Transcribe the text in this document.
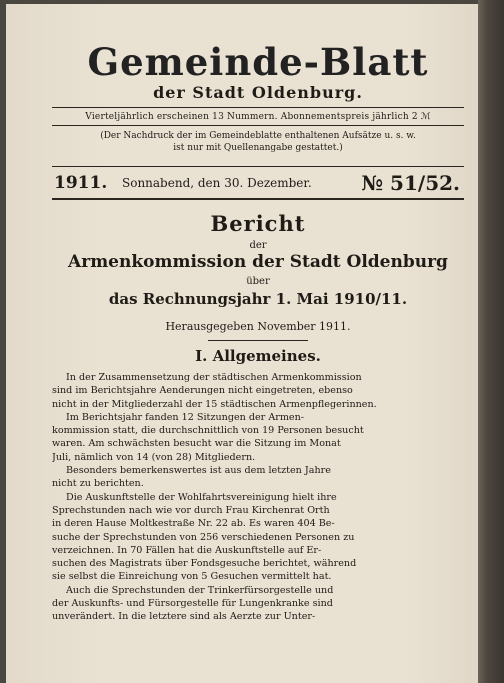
Gemeinde-Blatt
der Stadt Oldenburg.
Vierteljährlich erscheinen 13 Nummern. Abonnementspreis jährlich 2 ℳ
(Der Nachdruck der im Gemeindeblatte enthaltenen Aufsätze u. s. w.
ist nur mit Quellenangabe gestattet.)
1911. Sonnabend, den 30. Dezember. № 51/52.
Bericht
der
Armenkommission der Stadt Oldenburg
über
das Rechnungsjahr 1. Mai 1910/11.
Herausgegeben November 1911.
I. Allgemeines.
In der Zusammensetzung der städtischen Armenkommission
sind im Berichtsjahre Aenderungen nicht eingetreten, ebenso
nicht in der Mitgliederzahl der 15 städtischen Armenpflegerinnen.
Im Berichtsjahr fanden 12 Sitzungen der Armen-
kommission statt, die durchschnittlich von 19 Personen besucht
waren. Am schwächsten besucht war die Sitzung im Monat
Juli, nämlich von 14 (von 28) Mitgliedern.
Besonders bemerkenswertes ist aus dem letzten Jahre
nicht zu berichten.
Die Auskunftstelle der Wohlfahrtsvereinigung hielt ihre
Sprechstunden nach wie vor durch Frau Kirchenrat Orth
in deren Hause Moltkestraße Nr. 22 ab. Es waren 404 Be-
suche der Sprechstunden von 256 verschiedenen Personen zu
verzeichnen. In 70 Fällen hat die Auskunftstelle auf Er-
suchen des Magistrats über Fondsgesuche berichtet, während
sie selbst die Einreichung von 5 Gesuchen vermittelt hat.
Auch die Sprechstunden der Trinkerfürsorgestelle und
der Auskunfts- und Fürsorgestelle für Lungenkranke sind
unverändert. In die letztere sind als Aerzte zur Unter-
